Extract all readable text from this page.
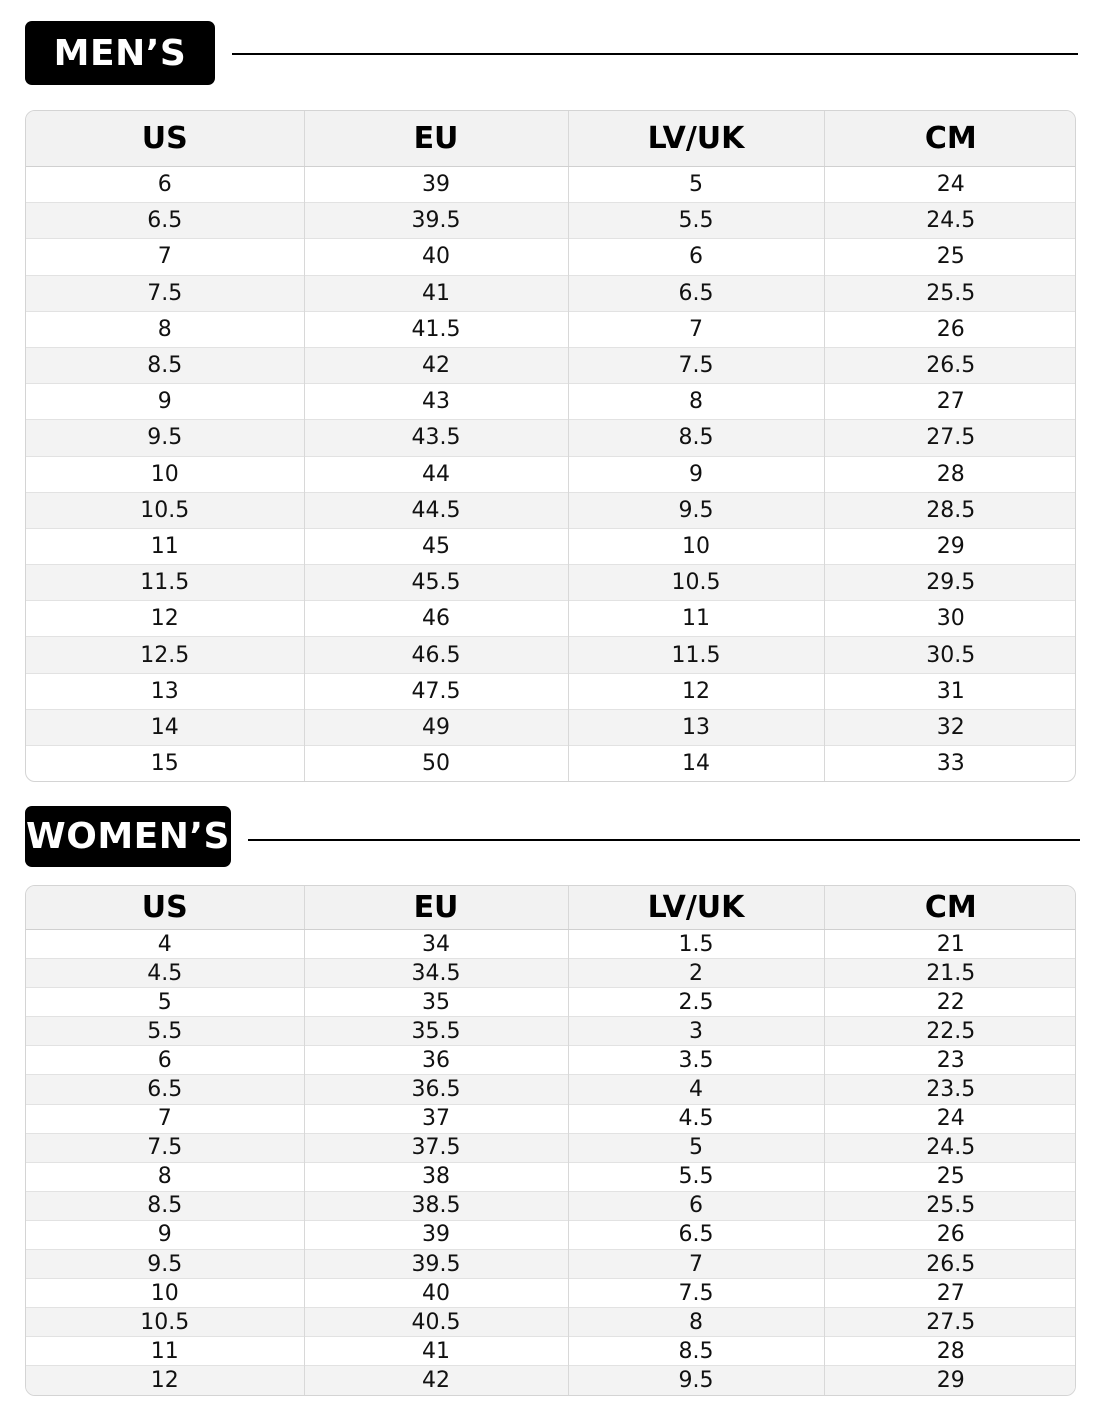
MEN’S
US	EU	LV/UK	CM
6	39	5	24
6.5	39.5	5.5	24.5
7	40	6	25
7.5	41	6.5	25.5
8	41.5	7	26
8.5	42	7.5	26.5
9	43	8	27
9.5	43.5	8.5	27.5
10	44	9	28
10.5	44.5	9.5	28.5
11	45	10	29
11.5	45.5	10.5	29.5
12	46	11	30
12.5	46.5	11.5	30.5
13	47.5	12	31
14	49	13	32
15	50	14	33
WOMEN’S
US	EU	LV/UK	CM
4	34	1.5	21
4.5	34.5	2	21.5
5	35	2.5	22
5.5	35.5	3	22.5
6	36	3.5	23
6.5	36.5	4	23.5
7	37	4.5	24
7.5	37.5	5	24.5
8	38	5.5	25
8.5	38.5	6	25.5
9	39	6.5	26
9.5	39.5	7	26.5
10	40	7.5	27
10.5	40.5	8	27.5
11	41	8.5	28
12	42	9.5	29
